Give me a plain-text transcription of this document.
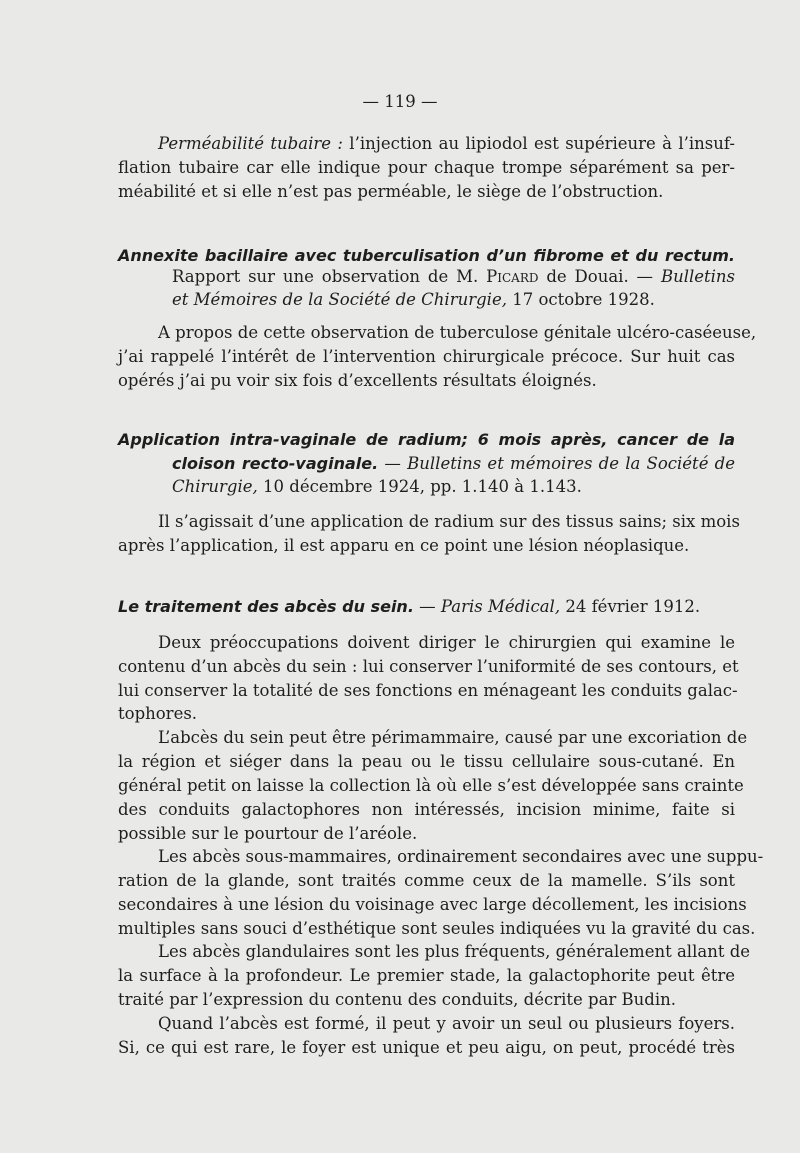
— 119 —
Perméabilité tubaire : l’injection au lipiodol est supérieure à l’insuf-
flation tubaire car elle indique pour chaque trompe séparément sa per-
méabilité et si elle n’est pas perméable, le siège de l’obstruction.
Annexite bacillaire avec tuberculisation d’un fibrome et du rectum.
Rapport sur une observation de M. Picard de Douai. — Bulletins
et Mémoires de la Société de Chirurgie, 17 octobre 1928.
A propos de cette observation de tuberculose génitale ulcéro-caséeuse,
j’ai rappelé l’intérêt de l’intervention chirurgicale précoce. Sur huit cas
opérés j’ai pu voir six fois d’excellents résultats éloignés.
Application intra-vaginale de radium; 6 mois après, cancer de la
cloison recto-vaginale. — Bulletins et mémoires de la Société de
Chirurgie, 10 décembre 1924, pp. 1.140 à 1.143.
Il s’agissait d’une application de radium sur des tissus sains; six mois
après l’application, il est apparu en ce point une lésion néoplasique.
Le traitement des abcès du sein. — Paris Médical, 24 février 1912.
Deux préoccupations doivent diriger le chirurgien qui examine le
contenu d’un abcès du sein : lui conserver l’uniformité de ses contours, et
lui conserver la totalité de ses fonctions en ménageant les conduits galac-
tophores.
L’abcès du sein peut être périmammaire, causé par une excoriation de
la région et siéger dans la peau ou le tissu cellulaire sous-cutané. En
général petit on laisse la collection là où elle s’est développée sans crainte
des conduits galactophores non intéressés, incision minime, faite si
possible sur le pourtour de l’aréole.
Les abcès sous-mammaires, ordinairement secondaires avec une suppu-
ration de la glande, sont traités comme ceux de la mamelle. S’ils sont
secondaires à une lésion du voisinage avec large décollement, les incisions
multiples sans souci d’esthétique sont seules indiquées vu la gravité du cas.
Les abcès glandulaires sont les plus fréquents, généralement allant de
la surface à la profondeur. Le premier stade, la galactophorite peut être
traité par l’expression du contenu des conduits, décrite par Budin.
Quand l’abcès est formé, il peut y avoir un seul ou plusieurs foyers.
Si, ce qui est rare, le foyer est unique et peu aigu, on peut, procédé très
